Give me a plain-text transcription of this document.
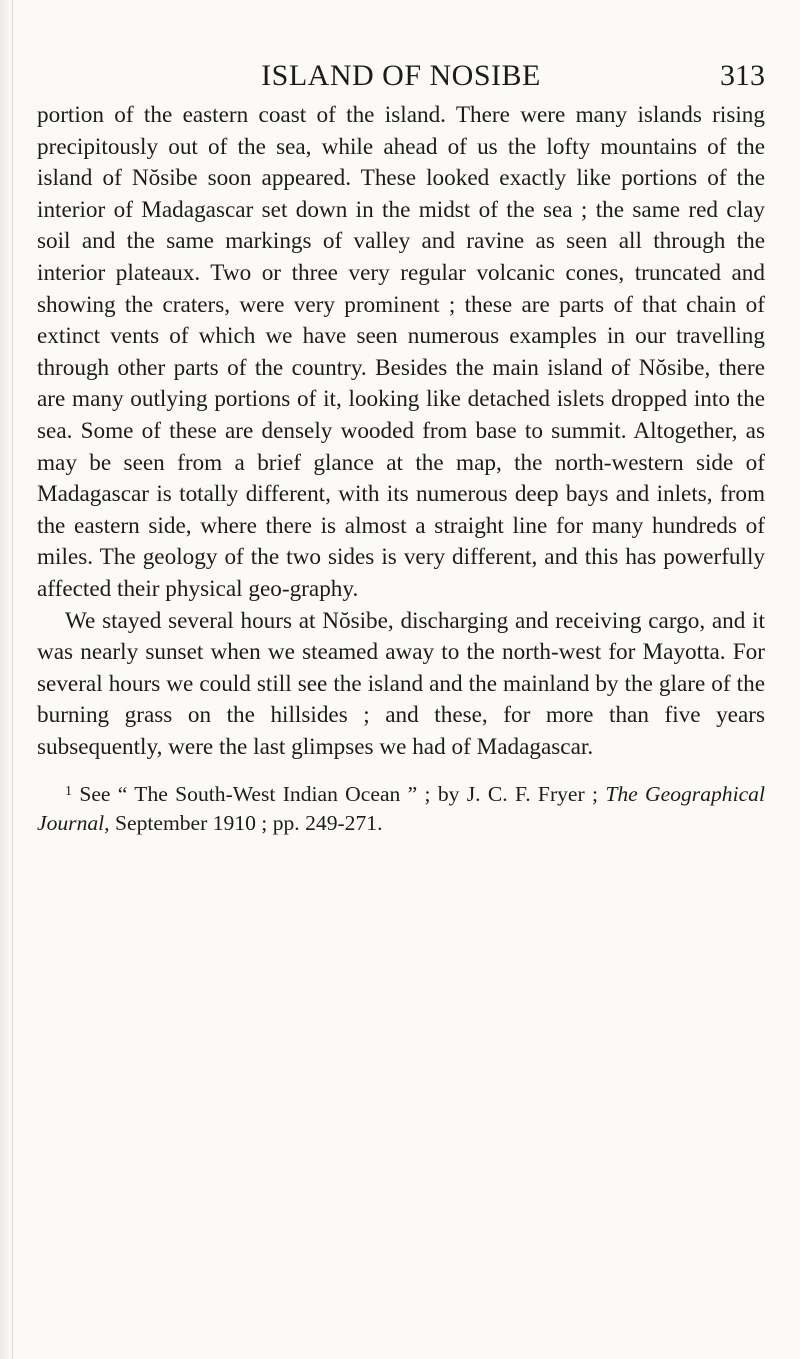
ISLAND OF NOSIBE	313

portion of the eastern coast of the island. There were many islands rising precipitously out of the sea, while ahead of us the lofty mountains of the island of Nŏsibe soon appeared. These looked exactly like portions of the interior of Madagascar set down in the midst of the sea ; the same red clay soil and the same markings of valley and ravine as seen all through the interior plateaux. Two or three very regular volcanic cones, truncated and showing the craters, were very prominent ; these are parts of that chain of extinct vents of which we have seen numerous examples in our travelling through other parts of the country. Besides the main island of Nŏsibe, there are many outlying portions of it, looking like detached islets dropped into the sea. Some of these are densely wooded from base to summit. Altogether, as may be seen from a brief glance at the map, the north-western side of Madagascar is totally different, with its numerous deep bays and inlets, from the eastern side, where there is almost a straight line for many hundreds of miles. The geology of the two sides is very different, and this has powerfully affected their physical geo-graphy.

We stayed several hours at Nŏsibe, discharging and receiving cargo, and it was nearly sunset when we steamed away to the north-west for Mayotta. For several hours we could still see the island and the mainland by the glare of the burning grass on the hillsides ; and these, for more than five years subsequently, were the last glimpses we had of Madagascar.

$^1$ See “ The South-West Indian Ocean ” ; by J. C. F. Fryer ; The Geographical Journal, September 1910 ; pp. 249-271.
